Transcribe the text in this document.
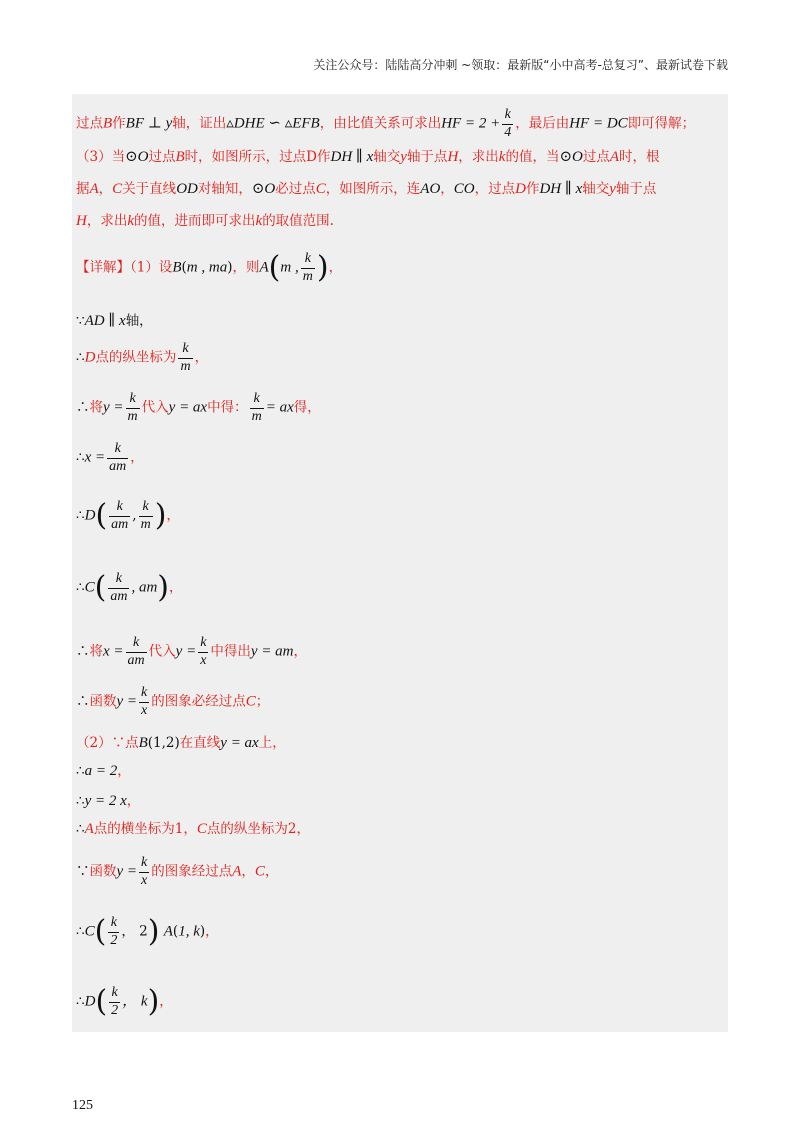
关注公众号：陆陆高分冲刺 ~领取：最新版“小中高考-总复习”、最新试卷下载
过点B作BF ⊥ y轴，证出▵DHE ∽ ▵EFB，由比值关系可求出HF = $2 + \frac{k}{4}$ ，最后由HF = DC即可得解；
（3）当⊙O过点B时，如图所示，过点D作DH ∥ x轴交y轴于点H，求出k的值，当⊙O过点A时，根
据A，C关于直线OD对轴知，⊙O必过点C，如图所示，连AO，CO，过点D作DH ∥ x轴交y轴于点
H，求出k的值，进而即可求出k的取值范围.
【详解】（1）设B(m , ma)，则A(m , $\frac{k}{m}$ )，
∵AD ∥ x轴，
∴D点的纵坐标为 $\frac{k}{m}$ ，
∴将$y = \frac{k}{m}$ 代入y = ax中得： $\frac{k}{m}$ = ax得，
∴x = $\frac{k}{am}$ ，
∴D( $\frac{k}{am}$ , $\frac{k}{m}$ )，
∴C( $\frac{k}{am}$ , am)，
∴将$x = \frac{k}{am}$ 代入$y = \frac{k}{x}$ 中得出y = am，
∴函数$y = \frac{k}{x}$ 的图象必经过点C；
（2）∵点B(1,2)在直线y = ax上，
∴a = 2，
∴y = 2 x，
∴A点的横坐标为1，C点的纵坐标为2，
∵函数$y = \frac{k}{x}$ 的图象经过点A，C，
∴C( $\frac{k}{2}$ ， 2) A(1, k)，
∴D( $\frac{k}{2}$ ， k)，
125
